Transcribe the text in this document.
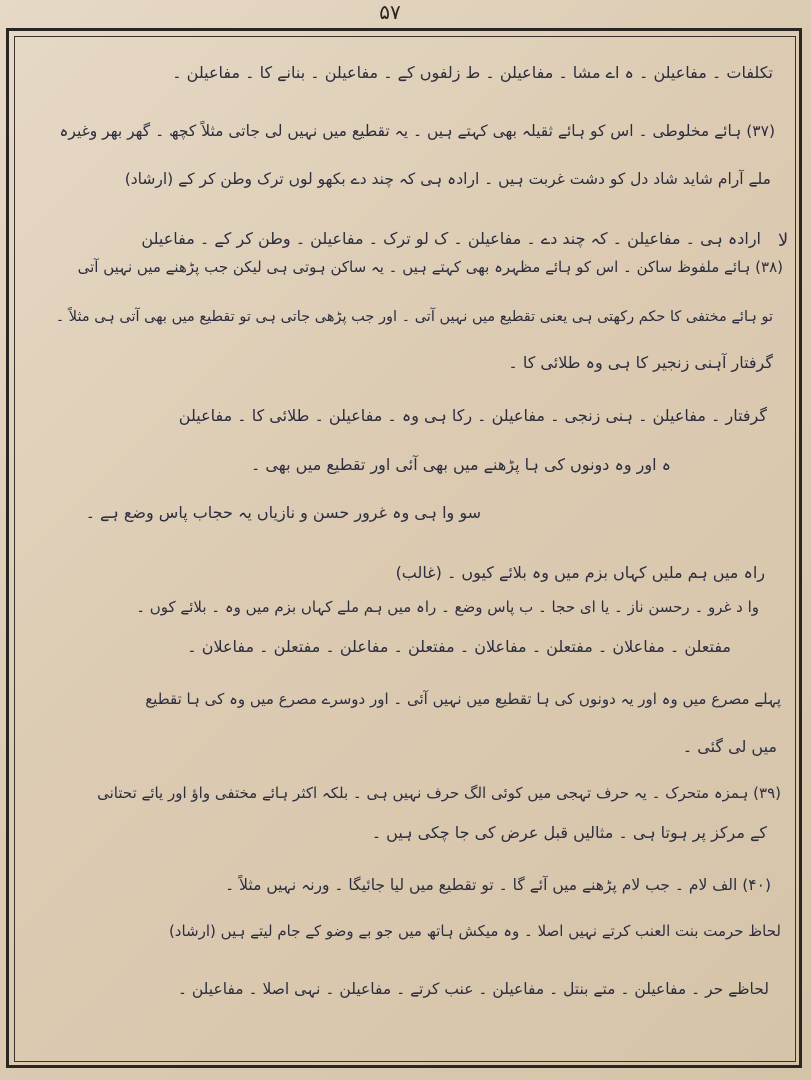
۵۷
تکلفات ۔ مفاعیلن ۔ ہ اے مشا ۔ مفاعیلن ۔ ط زلفوں کے ۔ مفاعیلن ۔ بنانے کا ۔ مفاعیلن ۔
(۳۷) ہائے مخلوطی ۔ اس کو ہائے ثقیلہ بھی کہتے ہیں ۔ یہ تقطیع میں نہیں لی جاتی مثلاً کچھ ۔ گھر بھر وغیرہ
ملے آرام شاید شاد دل کو دشت غربت ہیں ۔ ارادہ ہی کہ چند دے بکھو لوں ترک وطن کر کے (ارشاد)
ارادہ ہی ۔ مفاعیلن ۔ کہ چند دے ۔ مفاعیلن ۔ ک لو ترک ۔ مفاعیلن ۔ وطن کر کے ۔ مفاعیلن
(۳۸) ہائے ملفوظ ساکن ۔ اس کو ہائے مظہرہ بھی کہتے ہیں ۔ یہ ساکن ہوتی ہی لیکن جب پڑھنے میں نہیں آتی
تو ہائے مختفی کا حکم رکھتی ہی یعنی تقطیع میں نہیں آتی ۔ اور جب پڑھی جاتی ہی تو تقطیع میں بھی آتی ہی مثلاً ۔
گرفتار آہنی زنجیر کا ہی وہ طلائی کا ۔
گرفتار ۔ مفاعیلن ۔ ہنی زنجی ۔ مفاعیلن ۔ رکا ہی وہ ۔ مفاعیلن ۔ طلائی کا ۔ مفاعیلن
ہ اور وہ دونوں کی ہا پڑھنے میں بھی آئی اور تقطیع میں بھی ۔
سو وا ہی وہ غرور حسن و نازیاں یہ حجاب پاس وضع ہے ۔
راہ میں ہم ملیں کہاں بزم میں وہ بلائے کیوں ۔ (غالب)
وا د غرو ۔ رحسن ناز ۔ یا ای حجا ۔ ب پاس وضع ۔ راہ میں ہم ملے کہاں بزم میں وہ ۔ بلائے کوں ۔
مفتعلن ۔ مفاعلان ۔ مفتعلن ۔ مفاعلان ۔ مفتعلن ۔ مفاعلن ۔ مفتعلن ۔ مفاعلان ۔
پہلے مصرع میں وہ اور یہ دونوں کی ہا تقطیع میں نہیں آئی ۔ اور دوسرے مصرع میں وہ کی ہا تقطیع
میں لی گئی ۔
(۳۹) ہمزہ متحرک ۔ یہ حرف تہجی میں کوئی الگ حرف نہیں ہی ۔ بلکہ اکثر ہائے مختفی واؤ اور یائے تحتانی
کے مرکز پر ہوتا ہی ۔ مثالیں قبل عرض کی جا چکی ہیں ۔
(۴۰) الف لام ۔ جب لام پڑھنے میں آئے گا ۔ تو تقطیع میں لیا جائیگا ۔ ورنہ نہیں مثلاً ۔
لحاظ حرمت بنت العنب کرتے نہیں اصلا ۔ وہ میکش ہاتھ میں جو بے وضو کے جام لیتے ہیں (ارشاد)
لحاظے حر ۔ مفاعیلن ۔ متے بنتل ۔ مفاعیلن ۔ عنب کرتے ۔ مفاعیلن ۔ نہی اصلا ۔ مفاعیلن ۔
ﻻ
